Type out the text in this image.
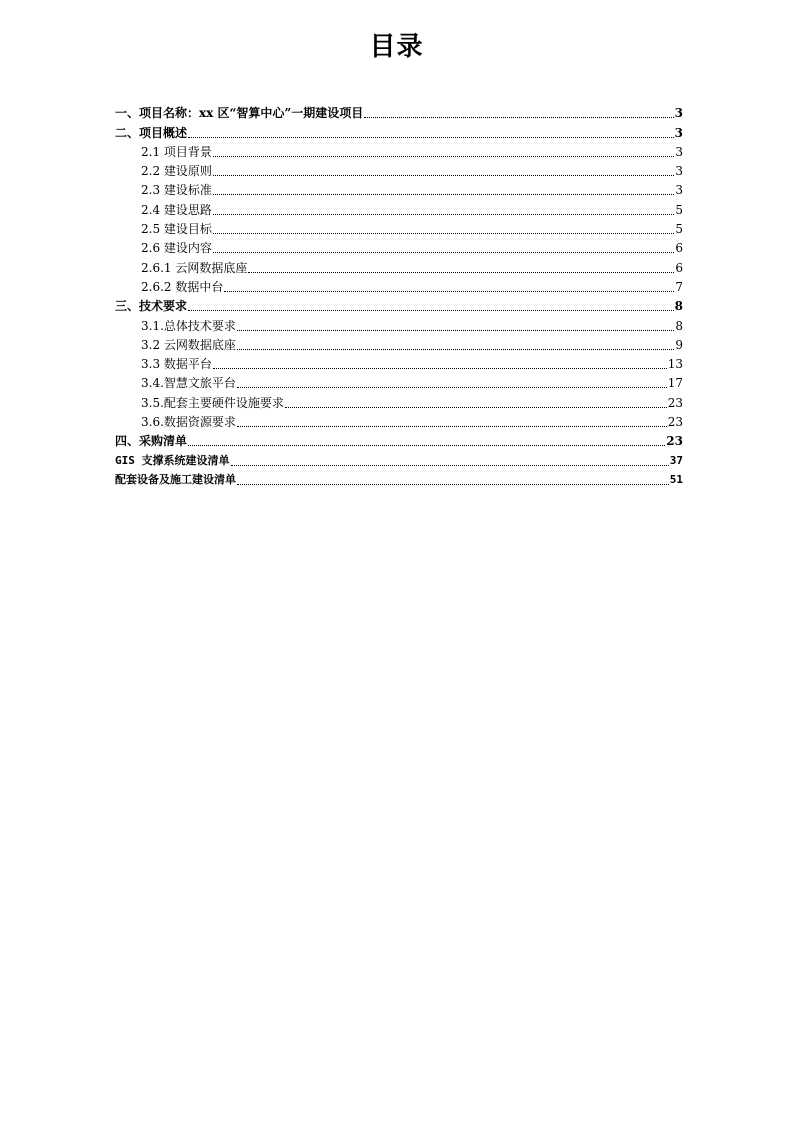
目录
一、项目名称：xx 区“智算中心”一期建设项目	3
二、项目概述	3
2.1 项目背景	3
2.2 建设原则	3
2.3 建设标准	3
2.4 建设思路	5
2.5 建设目标	5
2.6 建设内容	6
2.6.1 云网数据底座	6
2.6.2 数据中台	7
三、技术要求	8
3.1.总体技术要求	8
3.2 云网数据底座	9
3.3 数据平台	13
3.4.智慧文旅平台	17
3.5.配套主要硬件设施要求	23
3.6.数据资源要求	23
四、采购清单	23
GIS 支撑系统建设清单	37
配套设备及施工建设清单	51
